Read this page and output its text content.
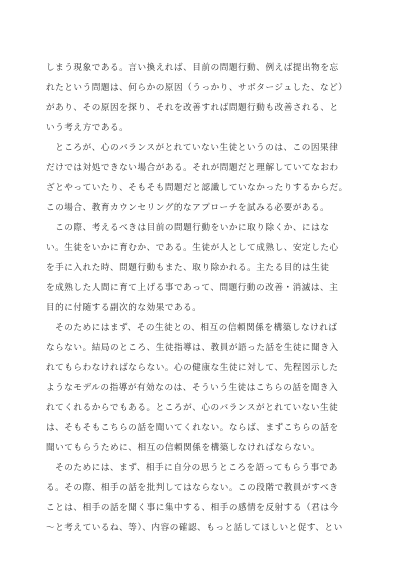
しまう現象である。言い換えれば、目前の問題行動、例えば提出物を忘
れたという問題は、何らかの原因（うっかり、サボタージュした、など）
があり、その原因を探り、それを改善すれば問題行動も改善される、と
いう考え方である。
　ところが、心のバランスがとれていない生徒というのは、この因果律
だけでは対処できない場合がある。それが問題だと理解していてなおわ
ざとやっていたり、そもそも問題だと認識していなかったりするからだ。
この場合、教育カウンセリング的なアプローチを試みる必要がある。
　この際、考えるべきは目前の問題行動をいかに取り除くか、にはな
い。生徒をいかに育むか、である。生徒が人として成熟し、安定した心
を手に入れた時、問題行動もまた、取り除かれる。主たる目的は生徒
を成熟した人間に育て上げる事であって、問題行動の改善・消滅は、主
目的に付随する副次的な効果である。
　そのためにはまず、その生徒との、相互の信頼関係を構築しなければ
ならない。結局のところ、生徒指導は、教員が語った話を生徒に聞き入
れてもらわなければならない。心の健康な生徒に対して、先程図示した
ようなモデルの指導が有効なのは、そういう生徒はこちらの話を聞き入
れてくれるからでもある。ところが、心のバランスがとれていない生徒
は、そもそもこちらの話を聞いてくれない。ならば、まずこちらの話を
聞いてもらうために、相互の信頼関係を構築しなければならない。
　そのためには、まず、相手に自分の思うところを語ってもらう事であ
る。その際、相手の話を批判してはならない。この段階で教員がすべき
ことは、相手の話を聞く事に集中する、相手の感情を反射する（君は今
〜と考えているね、等）、内容の確認、もっと話してほしいと促す、とい
